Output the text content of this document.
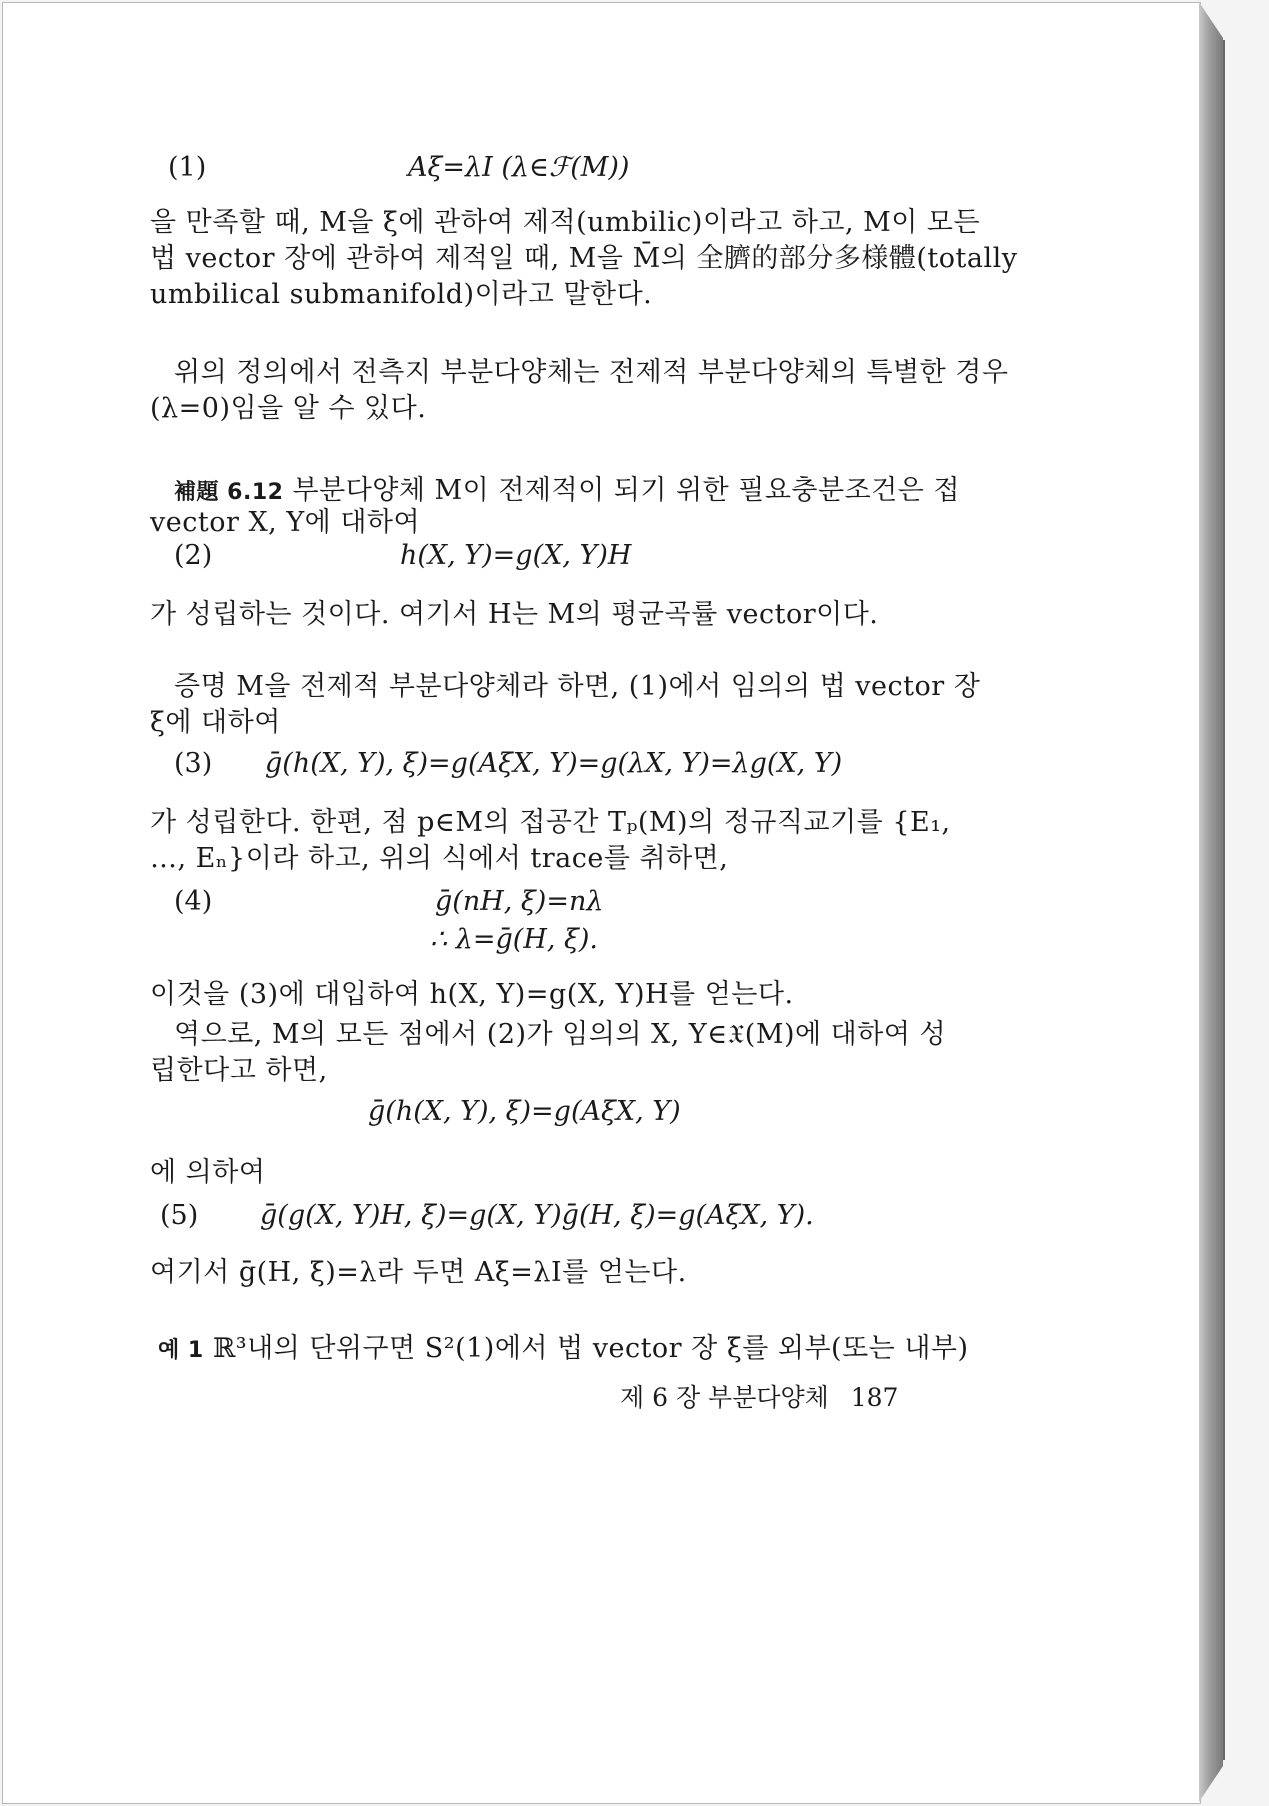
(1)	Aξ=λI (λ∈ℱ(M))
을 만족할 때, M을 ξ에 관하여 제적(umbilic)이라고 하고, M이 모든
법 vector 장에 관하여 제적일 때, M을 M̄의 全臍的部分多様體(totally
umbilical submanifold)이라고 말한다.
위의 정의에서 전측지 부분다양체는 전제적 부분다양체의 특별한 경우
(λ=0)임을 알 수 있다.
補題 6.12 부분다양체 M이 전제적이 되기 위한 필요충분조건은 접
vector X, Y에 대하여
(2)	h(X, Y)=g(X, Y)H
가 성립하는 것이다. 여기서 H는 M의 평균곡률 vector이다.
증명 M을 전제적 부분다양체라 하면, (1)에서 임의의 법 vector 장
ξ에 대하여
(3) ḡ(h(X, Y), ξ)=g(AξX, Y)=g(λX, Y)=λg(X, Y)
가 성립한다. 한편, 점 p∈M의 접공간 Tₚ(M)의 정규직교기를 {E₁,
…, Eₙ}이라 하고, 위의 식에서 trace를 취하면,
(4)	ḡ(nH, ξ)=nλ
∴ λ=ḡ(H, ξ).
이것을 (3)에 대입하여 h(X, Y)=g(X, Y)H를 얻는다.
역으로, M의 모든 점에서 (2)가 임의의 X, Y∈𝔛(M)에 대하여 성
립한다고 하면,
ḡ(h(X, Y), ξ)=g(AξX, Y)
에 의하여
(5) ḡ(g(X, Y)H, ξ)=g(X, Y)ḡ(H, ξ)=g(AξX, Y).
여기서 ḡ(H, ξ)=λ라 두면 Aξ=λI를 얻는다.
예 1 ℝ³내의 단위구면 S²(1)에서 법 vector 장 ξ를 외부(또는 내부)
제 6 장 부분다양체 187
